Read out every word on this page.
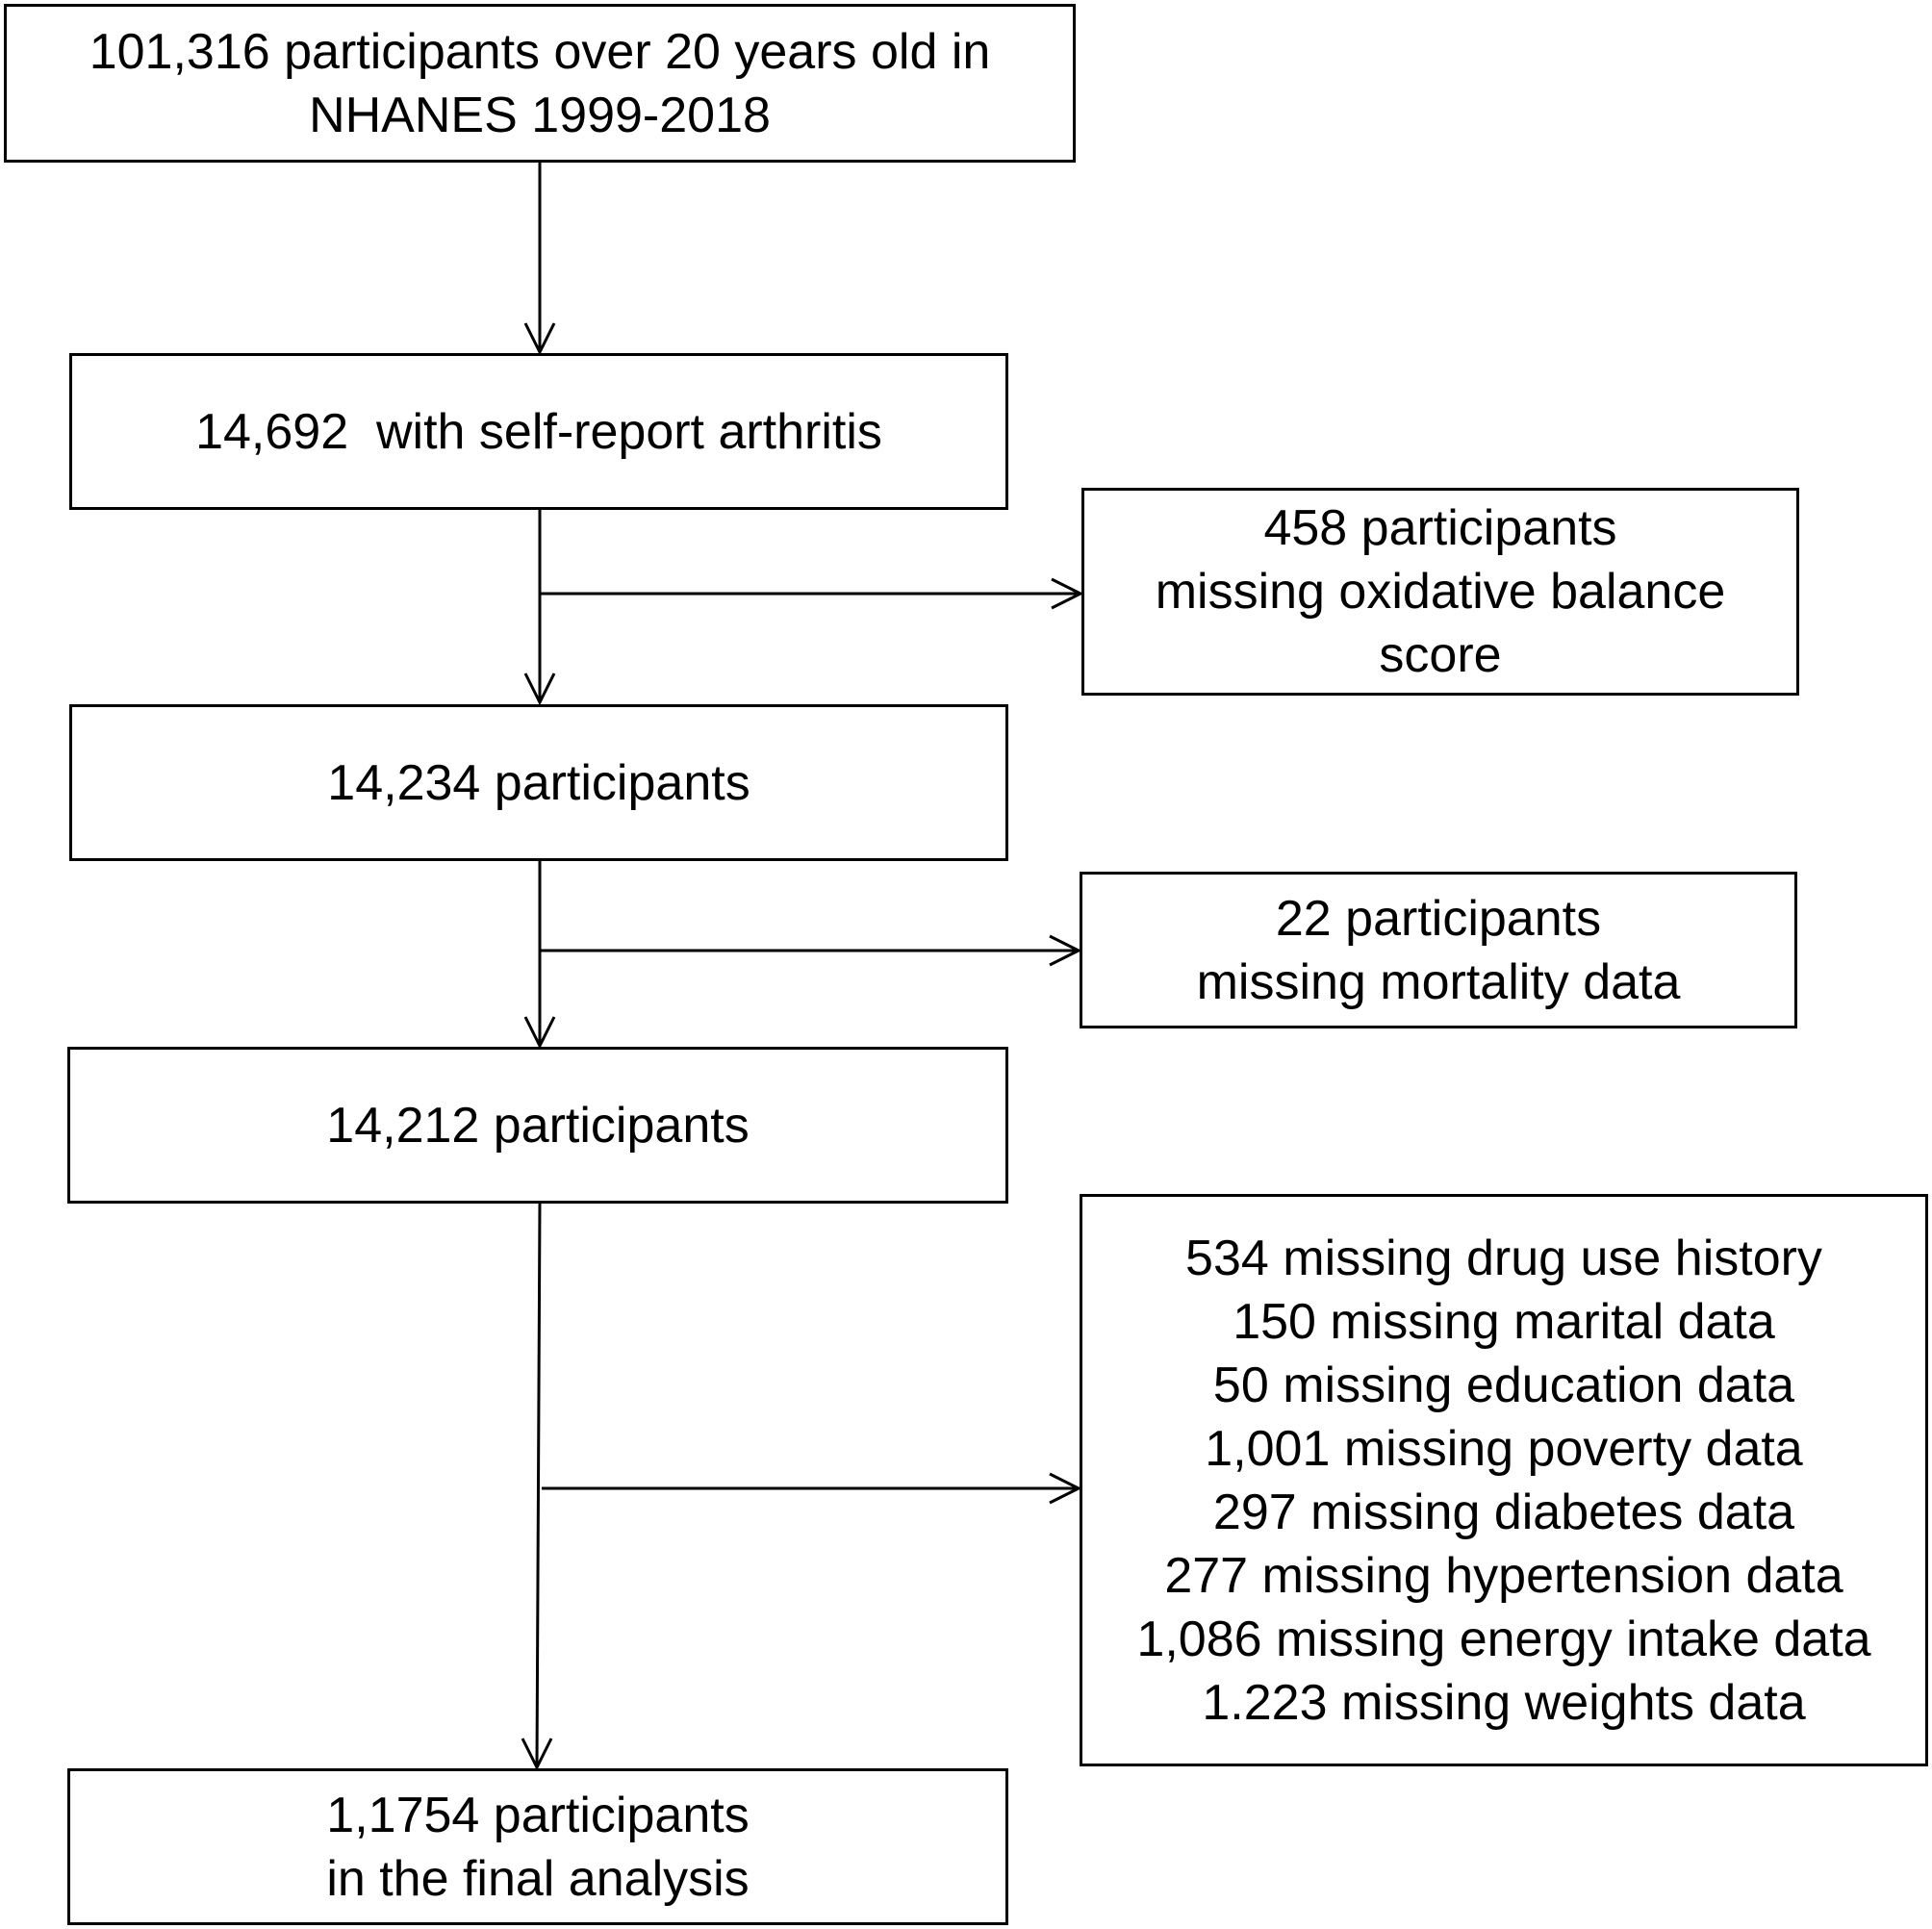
101,316 participants over 20 years old in
NHANES 1999-2018
14,692  with self-report arthritis
14,234 participants
14,212 participants
1,1754 participants
in the final analysis
458 participants
missing oxidative balance
score
22 participants
missing mortality data
534 missing drug use history
150 missing marital data
50 missing education data
1,001 missing poverty data
297 missing diabetes data
277 missing hypertension data
1,086 missing energy intake data
1.223 missing weights data
